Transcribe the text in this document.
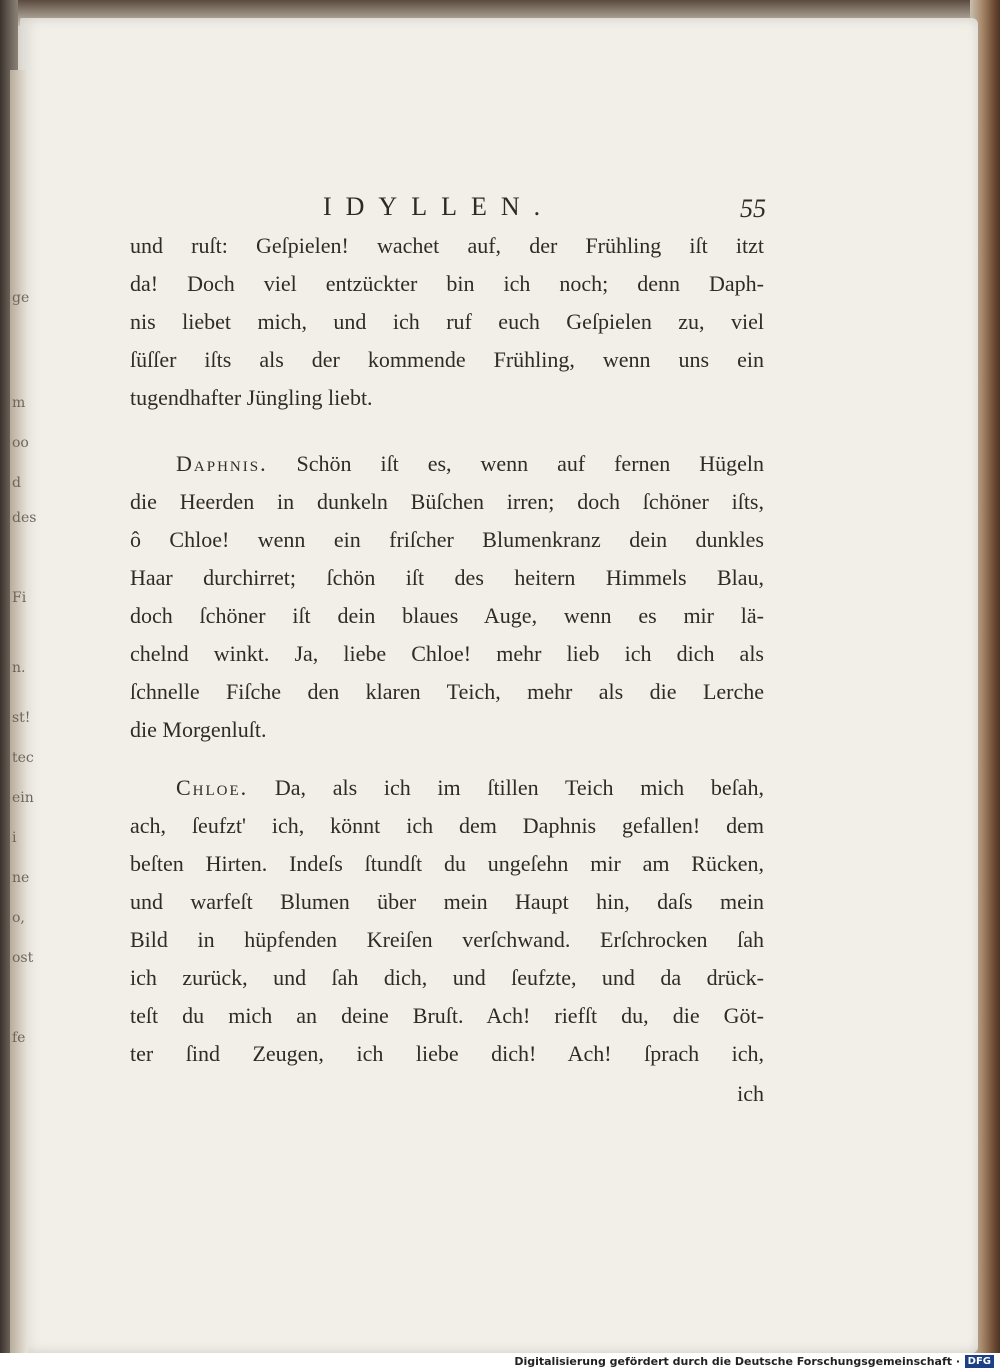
ge
m
oo
d
des
Fi
n.
st!
tec
ein
i
ne
o,
ost
fe
IDYLLEN.	55
und ruſt: Geſpielen! wachet auf, der Frühling iſt itzt
da! Doch viel entzückter bin ich noch; denn Daph-
nis liebet mich, und ich ruf euch Geſpielen zu, viel
ſüſſer iſts als der kommende Frühling, wenn uns ein
tugendhafter Jüngling liebt.
Daphnis. Schön iſt es, wenn auf fernen Hügeln
die Heerden in dunkeln Büſchen irren; doch ſchöner iſts,
ô Chloe! wenn ein friſcher Blumenkranz dein dunkles
Haar durchirret; ſchön iſt des heitern Himmels Blau,
doch ſchöner iſt dein blaues Auge, wenn es mir lä-
chelnd winkt. Ja, liebe Chloe! mehr lieb ich dich als
ſchnelle Fiſche den klaren Teich, mehr als die Lerche
die Morgenluſt.
Chloe. Da, als ich im ſtillen Teich mich beſah,
ach, ſeufzt' ich, könnt ich dem Daphnis gefallen! dem
beſten Hirten. Indeſs ſtundſt du ungeſehn mir am Rücken,
und warfeſt Blumen über mein Haupt hin, daſs mein
Bild in hüpfenden Kreiſen verſchwand. Erſchrocken ſah
ich zurück, und ſah dich, und ſeufzte, und da drück-
teſt du mich an deine Bruſt. Ach! riefſt du, die Göt-
ter ſind Zeugen, ich liebe dich! Ach! ſprach ich,
ich
Digitalisierung gefördert durch die Deutsche Forschungsgemeinschaft · DFG
